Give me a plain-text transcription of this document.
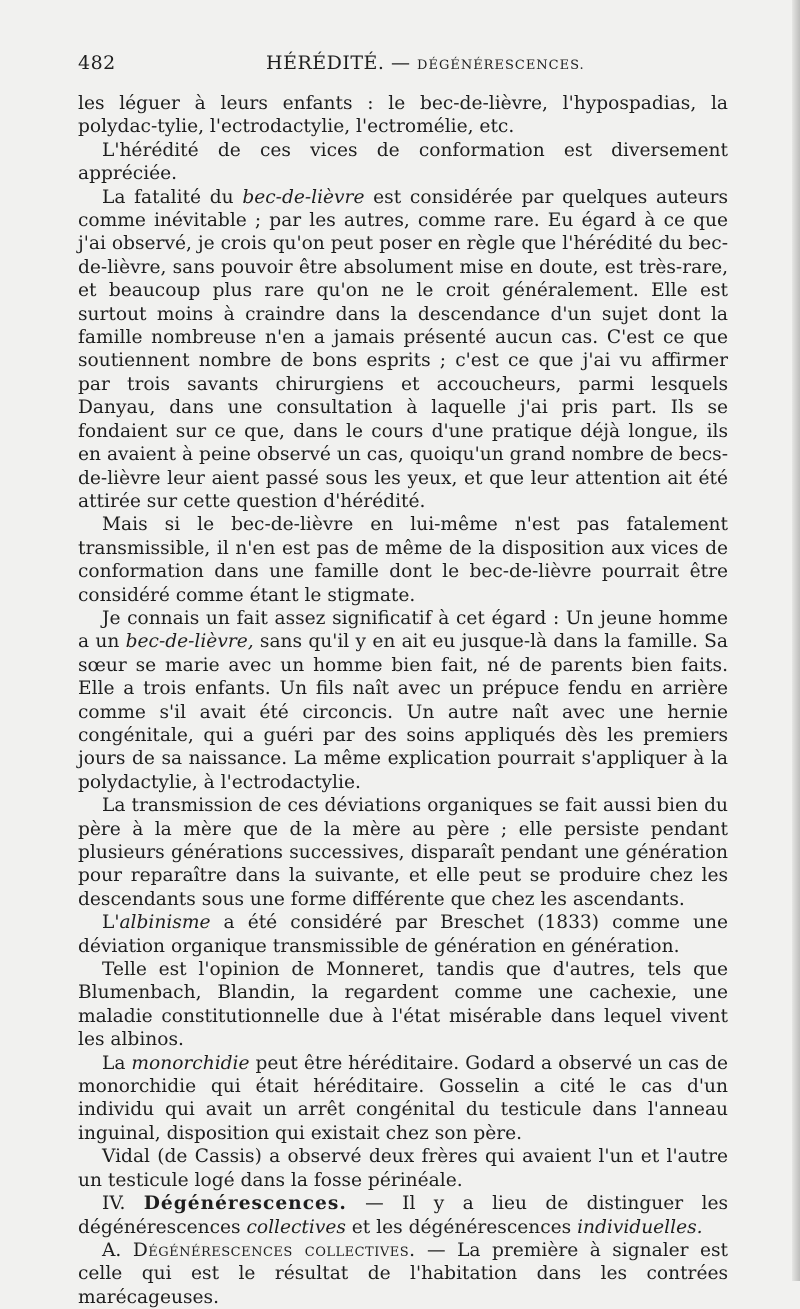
482	HÉRÉDITÉ. — DÉGÉNÉRESCENCES.

les léguer à leurs enfants : le bec-de-lièvre, l'hypospadias, la polydac-tylie, l'ectrodactylie, l'ectromélie, etc.

L'hérédité de ces vices de conformation est diversement appréciée.

La fatalité du bec-de-lièvre est considérée par quelques auteurs comme inévitable ; par les autres, comme rare. Eu égard à ce que j'ai observé, je crois qu'on peut poser en règle que l'hérédité du bec-de-lièvre, sans pouvoir être absolument mise en doute, est très-rare, et beaucoup plus rare qu'on ne le croit généralement. Elle est surtout moins à craindre dans la descendance d'un sujet dont la famille nombreuse n'en a jamais présenté aucun cas. C'est ce que soutiennent nombre de bons esprits ; c'est ce que j'ai vu affirmer par trois savants chirurgiens et accoucheurs, parmi lesquels Danyau, dans une consultation à laquelle j'ai pris part. Ils se fondaient sur ce que, dans le cours d'une pratique déjà longue, ils en avaient à peine observé un cas, quoiqu'un grand nombre de becs-de-lièvre leur aient passé sous les yeux, et que leur attention ait été attirée sur cette question d'hérédité.

Mais si le bec-de-lièvre en lui-même n'est pas fatalement transmissible, il n'en est pas de même de la disposition aux vices de conformation dans une famille dont le bec-de-lièvre pourrait être considéré comme étant le stigmate.

Je connais un fait assez significatif à cet égard : Un jeune homme a un bec-de-lièvre, sans qu'il y en ait eu jusque-là dans la famille. Sa sœur se marie avec un homme bien fait, né de parents bien faits. Elle a trois enfants. Un fils naît avec un prépuce fendu en arrière comme s'il avait été circoncis. Un autre naît avec une hernie congénitale, qui a guéri par des soins appliqués dès les premiers jours de sa naissance. La même explication pourrait s'appliquer à la polydactylie, à l'ectrodactylie.

La transmission de ces déviations organiques se fait aussi bien du père à la mère que de la mère au père ; elle persiste pendant plusieurs générations successives, disparaît pendant une génération pour reparaître dans la suivante, et elle peut se produire chez les descendants sous une forme différente que chez les ascendants.

L'albinisme a été considéré par Breschet (1833) comme une déviation organique transmissible de génération en génération.

Telle est l'opinion de Monneret, tandis que d'autres, tels que Blumenbach, Blandin, la regardent comme une cachexie, une maladie constitutionnelle due à l'état misérable dans lequel vivent les albinos.

La monorchidie peut être héréditaire. Godard a observé un cas de monorchidie qui était héréditaire. Gosselin a cité le cas d'un individu qui avait un arrêt congénital du testicule dans l'anneau inguinal, disposition qui existait chez son père.

Vidal (de Cassis) a observé deux frères qui avaient l'un et l'autre un testicule logé dans la fosse périnéale.

IV. Dégénérescences. — Il y a lieu de distinguer les dégénérescences collectives et les dégénérescences individuelles.

A. Dégénérescences collectives. — La première à signaler est celle qui est le résultat de l'habitation dans les contrées marécageuses.
